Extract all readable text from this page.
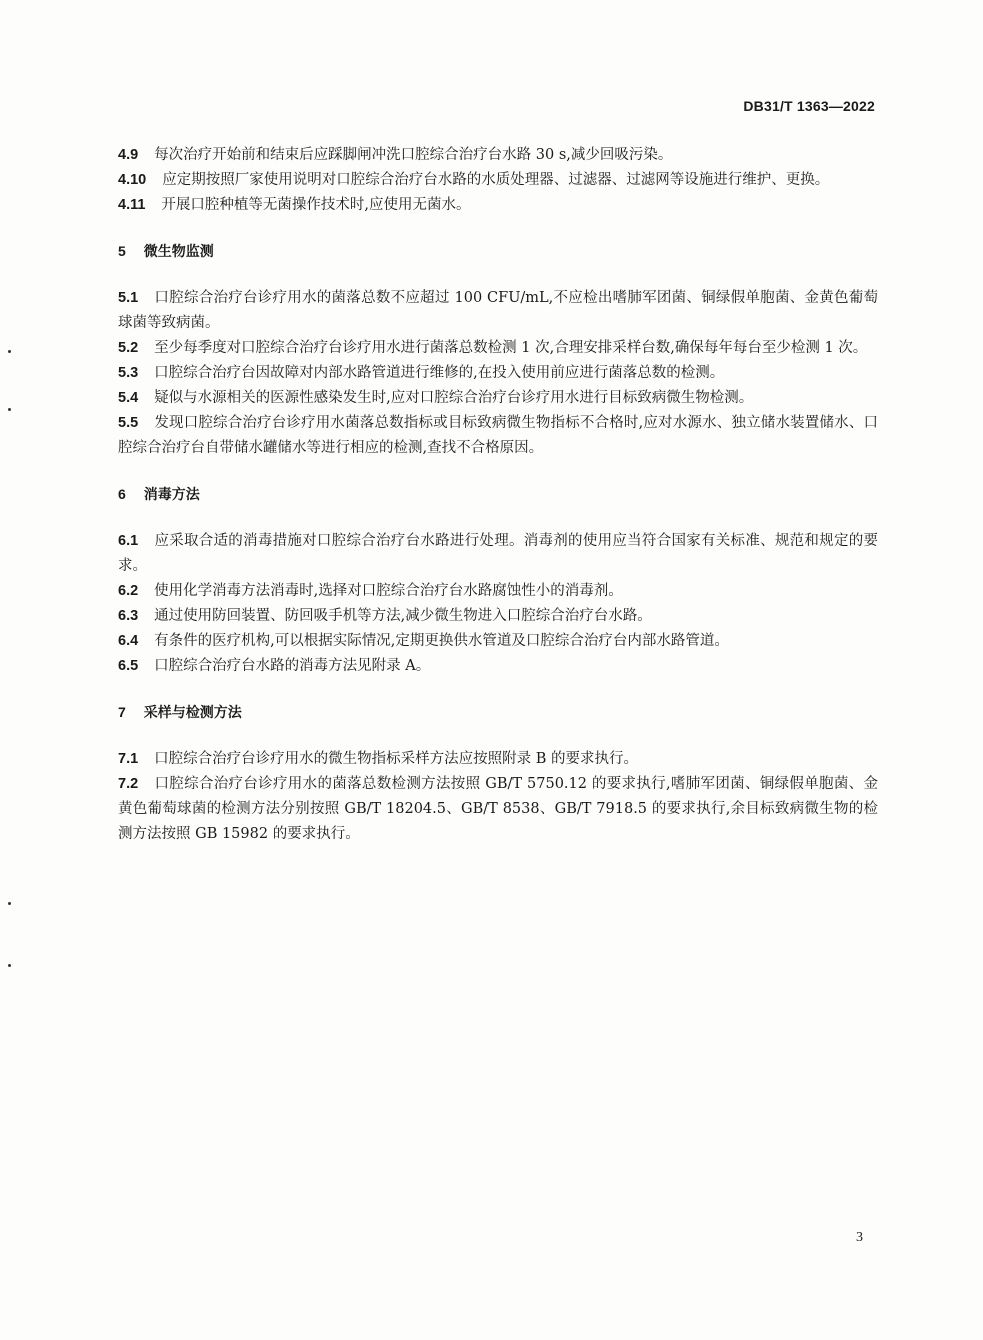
DB31/T 1363—2022

4.9 每次治疗开始前和结束后应踩脚闸冲洗口腔综合治疗台水路 30 s,减少回吸污染。

4.10 应定期按照厂家使用说明对口腔综合治疗台水路的水质处理器、过滤器、过滤网等设施进行维护、更换。

4.11 开展口腔种植等无菌操作技术时,应使用无菌水。

5 微生物监测

5.1 口腔综合治疗台诊疗用水的菌落总数不应超过 100 CFU/mL,不应检出嗜肺军团菌、铜绿假单胞菌、金黄色葡萄球菌等致病菌。

5.2 至少每季度对口腔综合治疗台诊疗用水进行菌落总数检测 1 次,合理安排采样台数,确保每年每台至少检测 1 次。

5.3 口腔综合治疗台因故障对内部水路管道进行维修的,在投入使用前应进行菌落总数的检测。

5.4 疑似与水源相关的医源性感染发生时,应对口腔综合治疗台诊疗用水进行目标致病微生物检测。

5.5 发现口腔综合治疗台诊疗用水菌落总数指标或目标致病微生物指标不合格时,应对水源水、独立储水装置储水、口腔综合治疗台自带储水罐储水等进行相应的检测,查找不合格原因。

6 消毒方法

6.1 应采取合适的消毒措施对口腔综合治疗台水路进行处理。消毒剂的使用应当符合国家有关标准、规范和规定的要求。

6.2 使用化学消毒方法消毒时,选择对口腔综合治疗台水路腐蚀性小的消毒剂。

6.3 通过使用防回装置、防回吸手机等方法,减少微生物进入口腔综合治疗台水路。

6.4 有条件的医疗机构,可以根据实际情况,定期更换供水管道及口腔综合治疗台内部水路管道。

6.5 口腔综合治疗台水路的消毒方法见附录 A。

7 采样与检测方法

7.1 口腔综合治疗台诊疗用水的微生物指标采样方法应按照附录 B 的要求执行。

7.2 口腔综合治疗台诊疗用水的菌落总数检测方法按照 GB/T 5750.12 的要求执行,嗜肺军团菌、铜绿假单胞菌、金黄色葡萄球菌的检测方法分别按照 GB/T 18204.5、GB/T 8538、GB/T 7918.5 的要求执行,余目标致病微生物的检测方法按照 GB 15982 的要求执行。

3
